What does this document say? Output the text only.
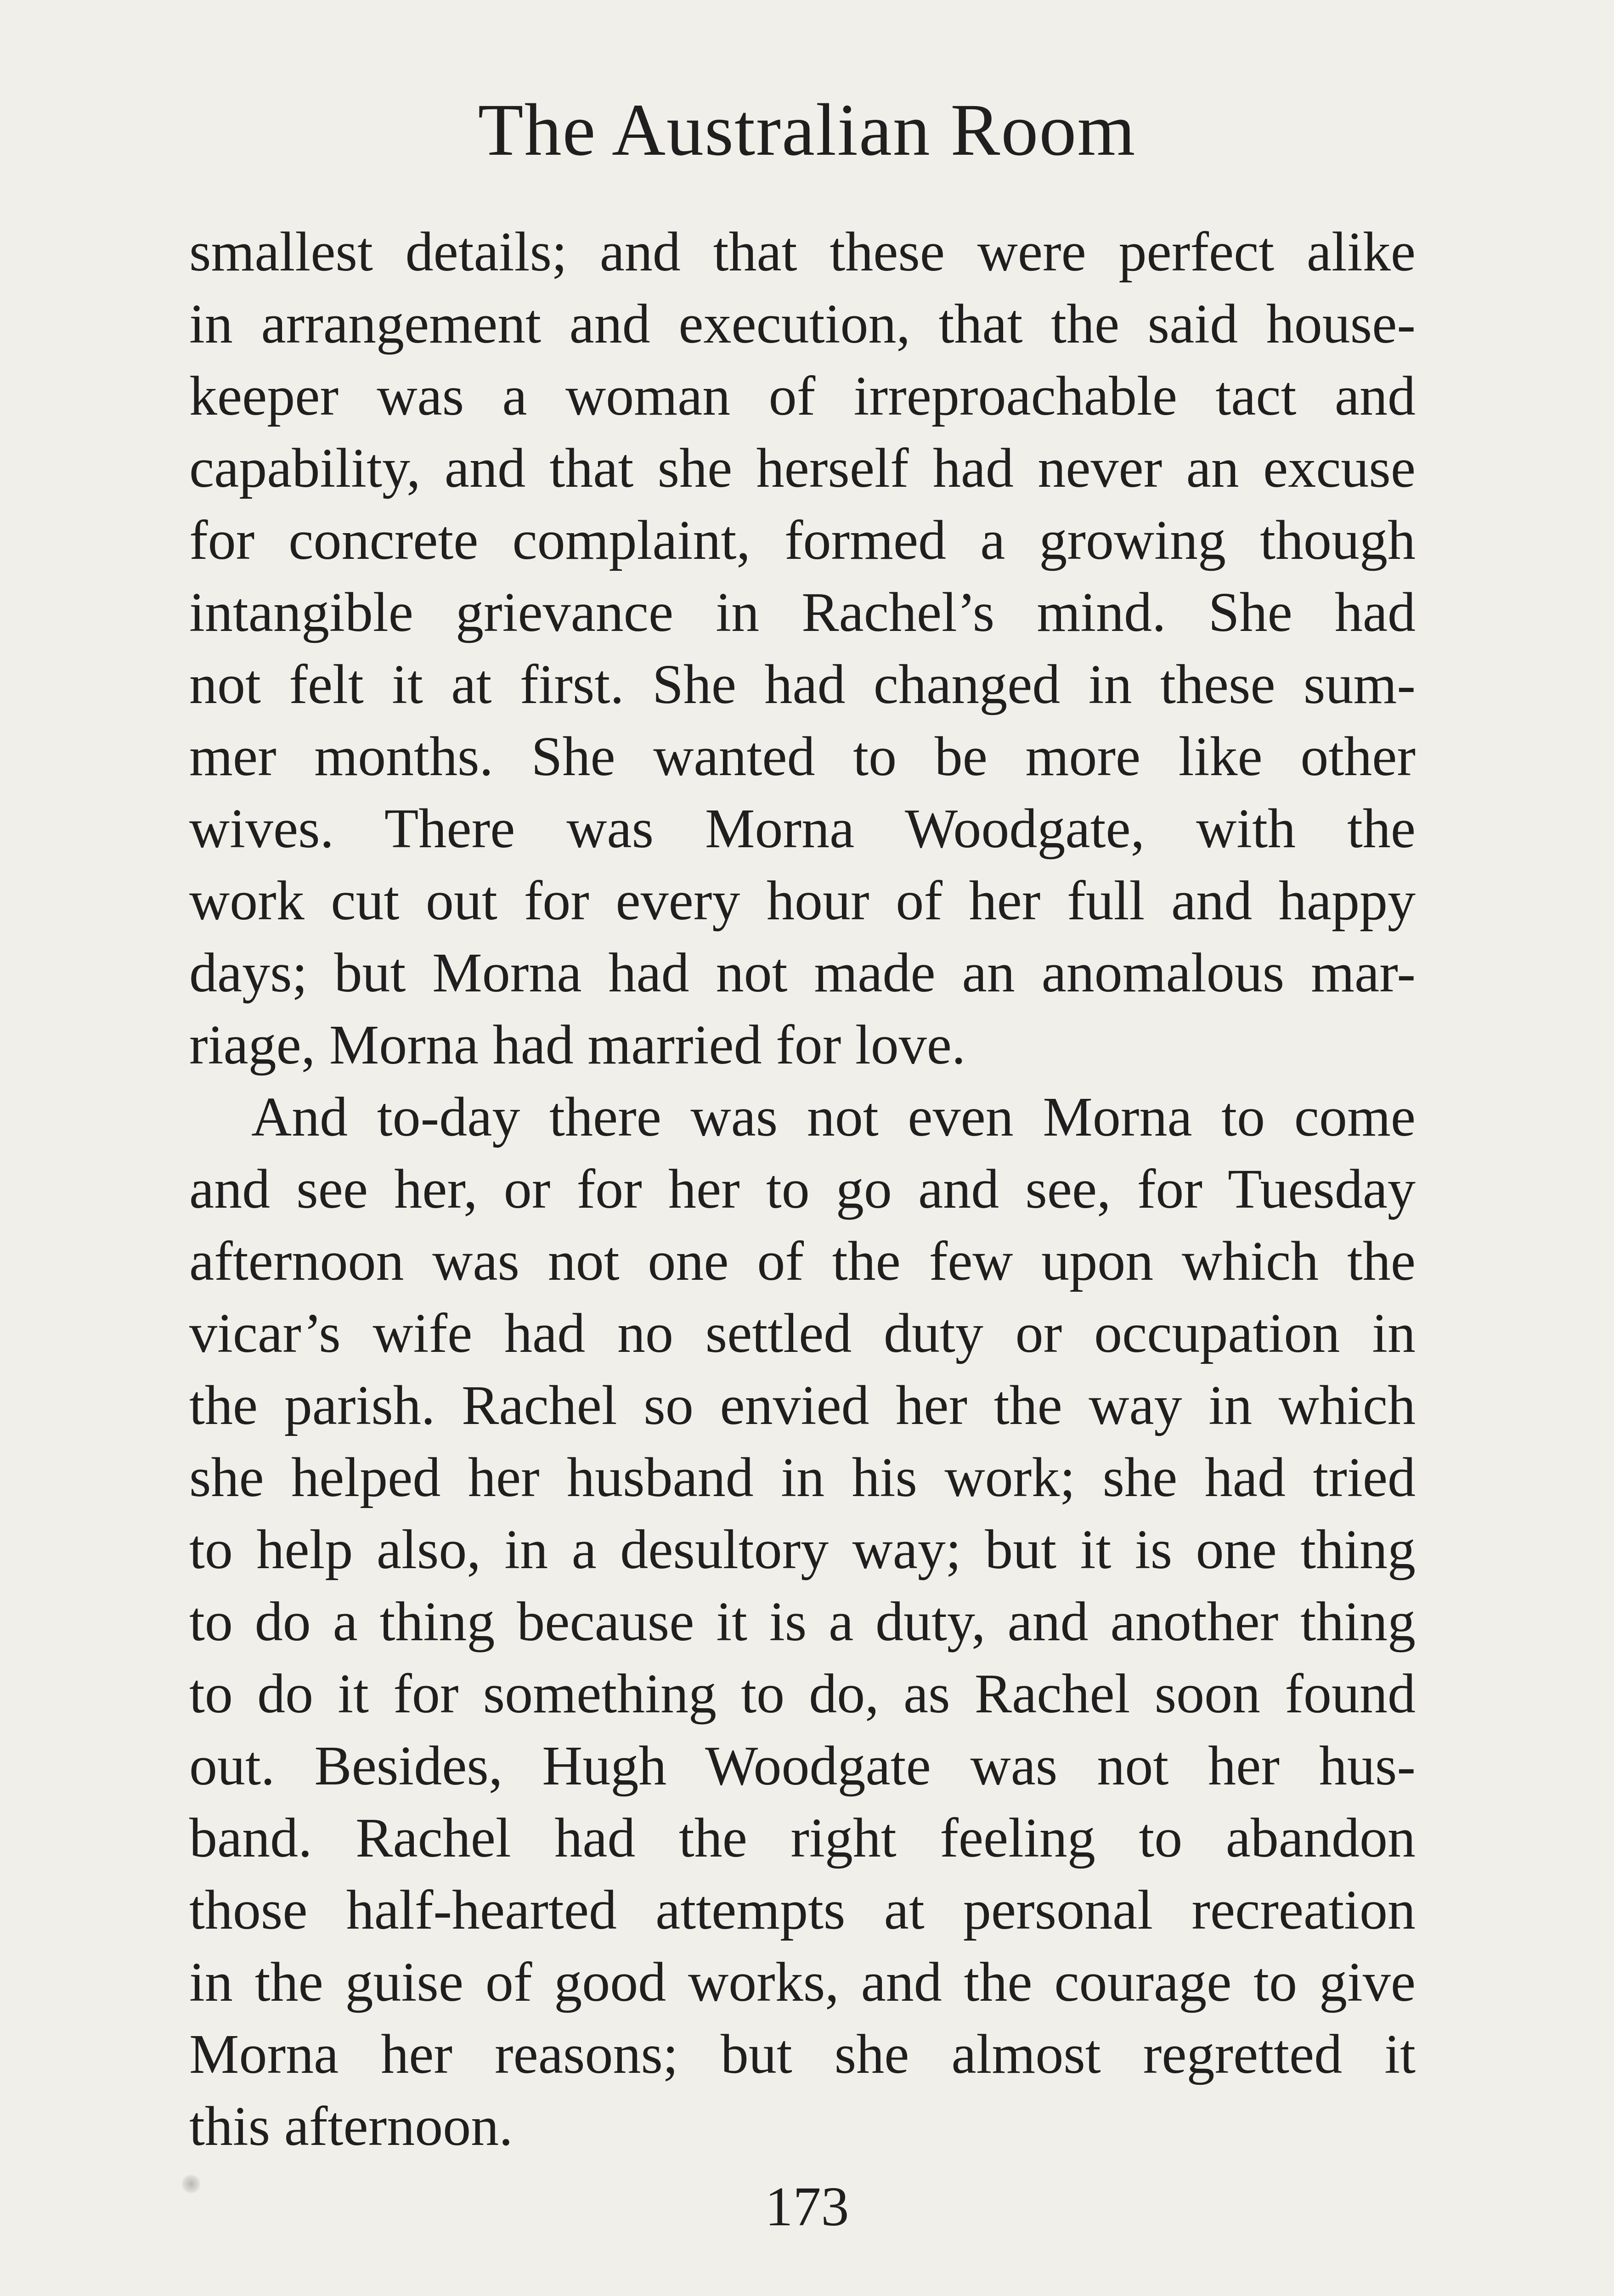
The Australian Room
smallest details; and that these were perfect alike
in arrangement and execution, that the said house-
keeper was a woman of irreproachable tact and
capability, and that she herself had never an excuse
for concrete complaint, formed a growing though
intangible grievance in Rachel’s mind. She had
not felt it at first. She had changed in these sum-
mer months. She wanted to be more like other
wives. There was Morna Woodgate, with the
work cut out for every hour of her full and happy
days; but Morna had not made an anomalous mar-
riage, Morna had married for love.
And to-day there was not even Morna to come
and see her, or for her to go and see, for Tuesday
afternoon was not one of the few upon which the
vicar’s wife had no settled duty or occupation in
the parish. Rachel so envied her the way in which
she helped her husband in his work; she had tried
to help also, in a desultory way; but it is one thing
to do a thing because it is a duty, and another thing
to do it for something to do, as Rachel soon found
out. Besides, Hugh Woodgate was not her hus-
band. Rachel had the right feeling to abandon
those half-hearted attempts at personal recreation
in the guise of good works, and the courage to give
Morna her reasons; but she almost regretted it
this afternoon.

173
